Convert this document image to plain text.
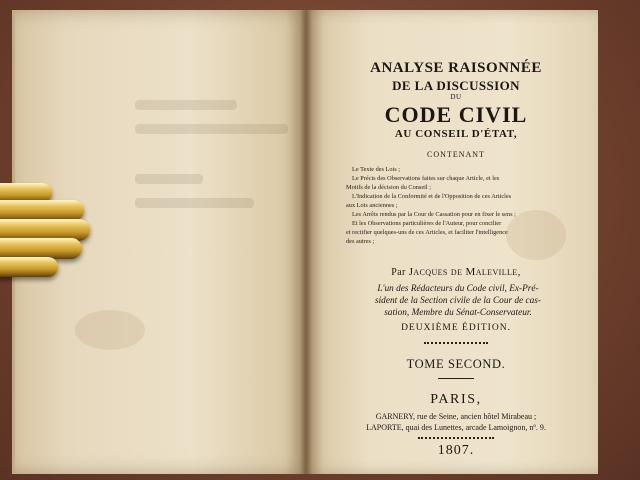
ANALYSE RAISONNÉE
DE LA DISCUSSION
DU
CODE CIVIL
AU CONSEIL D'ÉTAT,
CONTENANT
Le Texte des Lois ;
Le Précis des Observations faites sur chaque Article, et les
Motifs de la décision du Conseil ;
L'Indication de la Conformité et de l'Opposition de ces Articles
aux Lois anciennes ;
Les Arrêts rendus par la Cour de Cassation pour en fixer le sens ;
Et les Observations particulières de l'Auteur, pour concilier
et rectifier quelques-uns de ces Articles, et faciliter l'intelligence
des autres ;
Par Jacques de Maleville,
L'un des Rédacteurs du Code civil, Ex-Pré-
sident de la Section civile de la Cour de cas-
sation, Membre du Sénat-Conservateur.
DEUXIÈME ÉDITION.
TOME SECOND.
PARIS,
GARNERY, rue de Seine, ancien hôtel Mirabeau ;
LAPORTE, quai des Lunettes, arcade Lamoignon, nº. 9.
1807.
